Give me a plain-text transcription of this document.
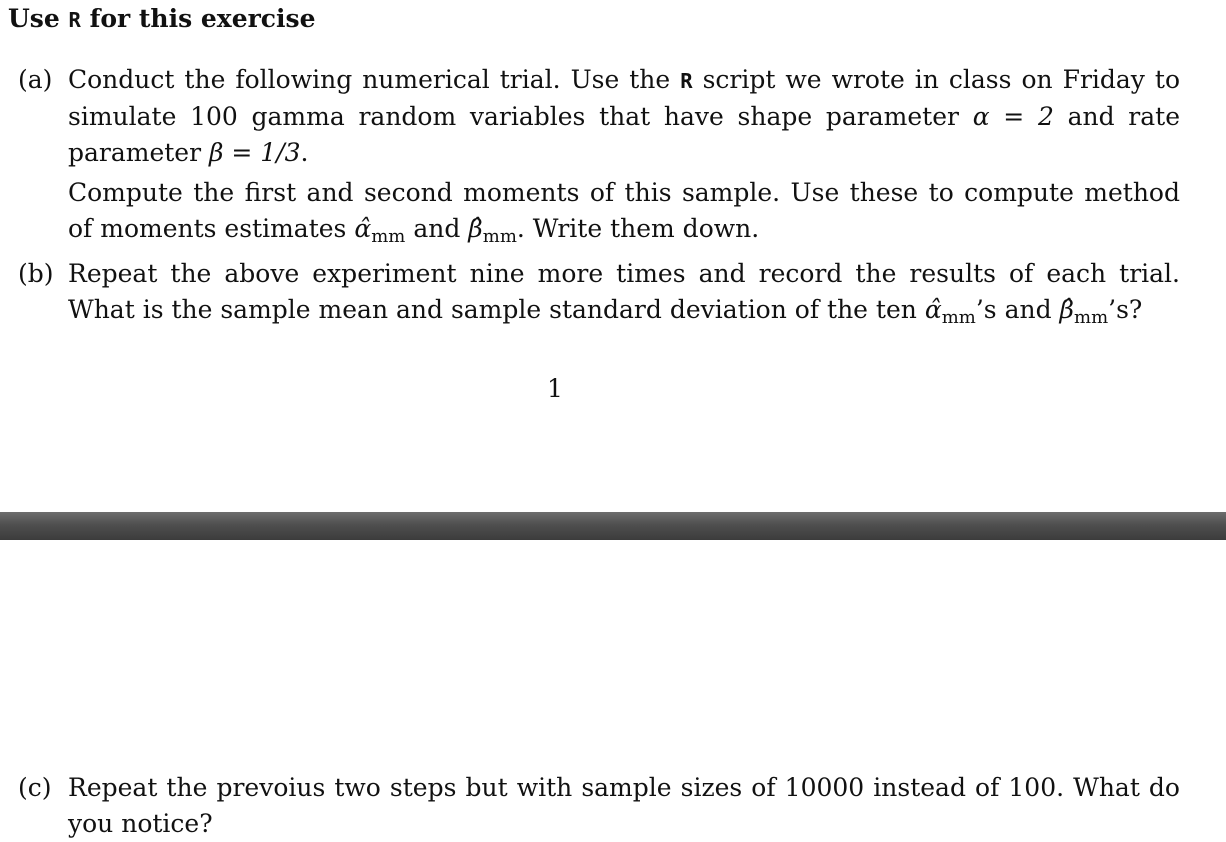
Use R for this exercise
(a) Conduct the following numerical trial. Use the R script we wrote in class on Friday to simulate 100 gamma random variables that have shape parameter α = 2 and rate parameter β = 1/3.

Compute the first and second moments of this sample. Use these to compute method of moments estimates $\alphâ_{mm}$ and $\betâ_{mm}$. Write them down.

(b) Repeat the above experiment nine more times and record the results of each trial. What is the sample mean and sample standard deviation of the ten $\alphâ_{mm}’s$ and $\betâ_{mm}’s$?

1
(c) Repeat the prevoius two steps but with sample sizes of 10000 instead of 100. What do you notice?
